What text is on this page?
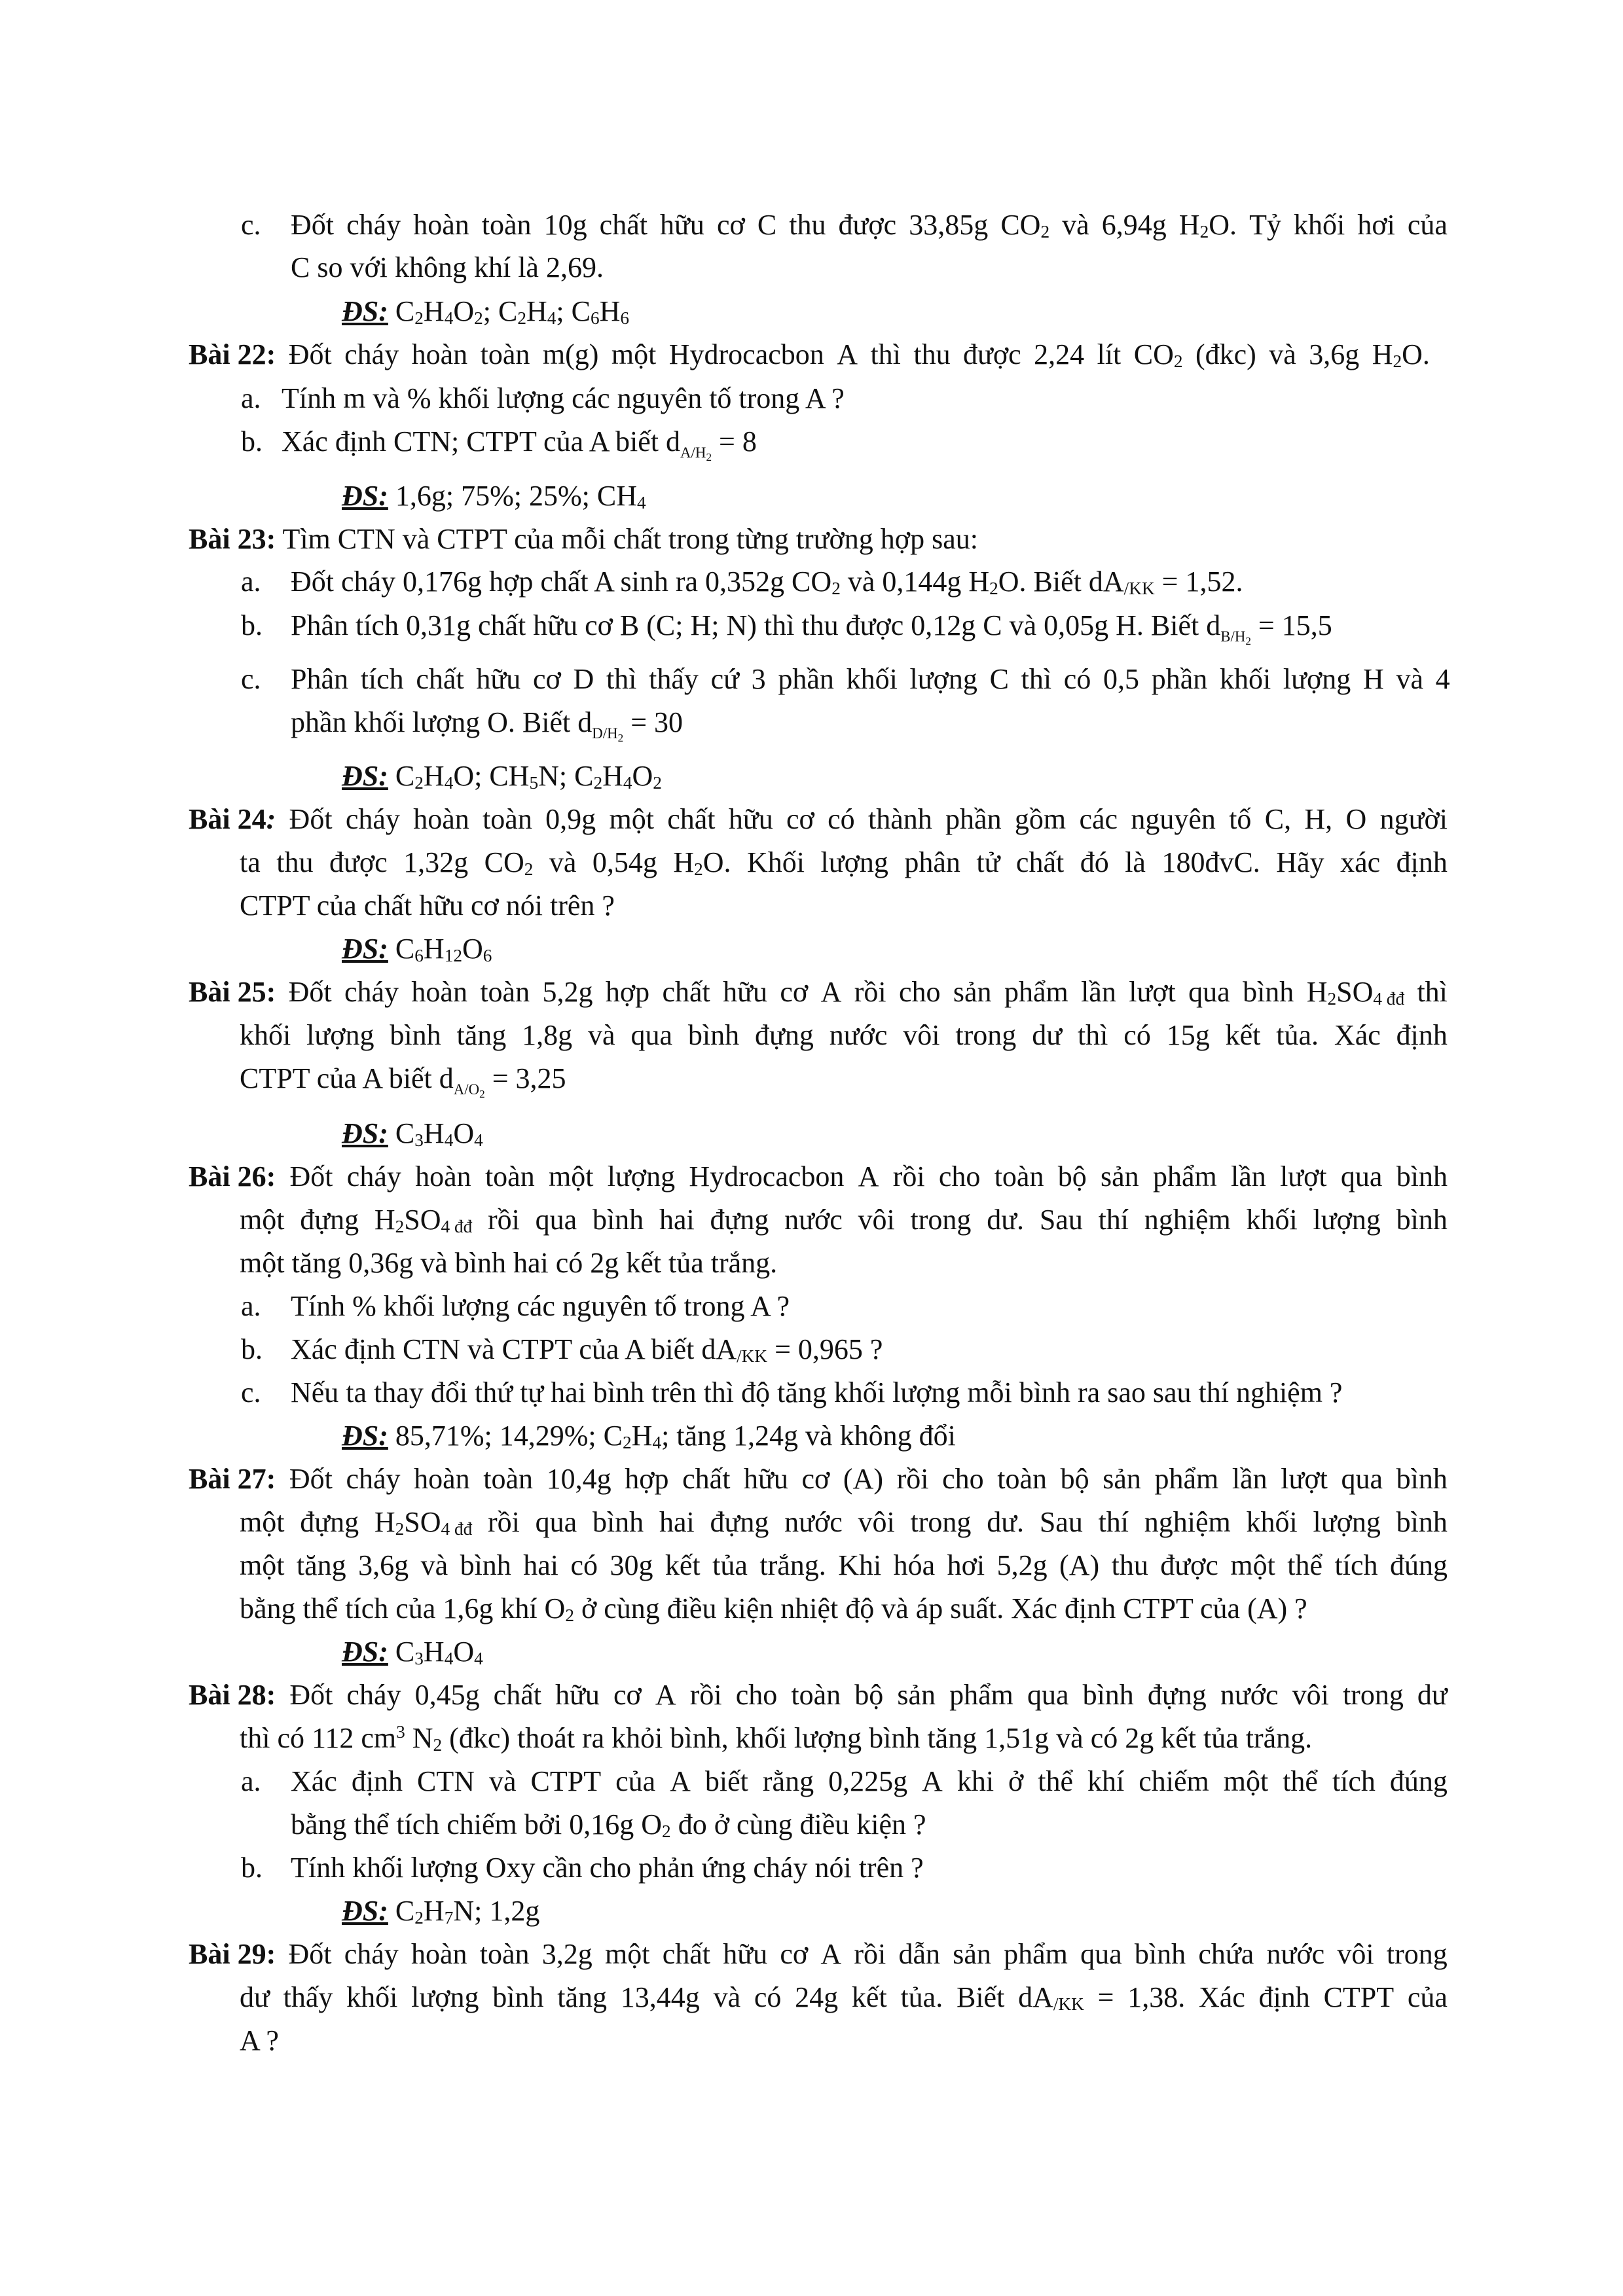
c. Đốt cháy hoàn toàn 10g chất hữu cơ C thu được 33,85g $CO_2$ và 6,94g $H_2O$. Tỷ khối hơi của
C so với không khí là 2,69.
ĐS: $C_2H_4O_2$; $C_2H_4$; $C_6H_6$
Bài 22: Đốt cháy hoàn toàn m(g) một Hydrocacbon A thì thu được 2,24 lít $CO_2$ (đkc) và 3,6g $H_2O$.
a. Tính m và % khối lượng các nguyên tố trong A ?
b. Xác định CTN; CTPT của A biết $d_{A/H_2} = 8$
ĐS: 1,6g; 75%; 25%; $CH_4$
Bài 23: Tìm CTN và CTPT của mỗi chất trong từng trường hợp sau:
a. Đốt cháy 0,176g hợp chất A sinh ra 0,352g $CO_2$ và 0,144g $H_2O$. Biết $dA_{/KK} = 1,52$.
b. Phân tích 0,31g chất hữu cơ B (C; H; N) thì thu được 0,12g C và 0,05g H. Biết $d_{B/H_2} = 15,5$
c. Phân tích chất hữu cơ D thì thấy cứ 3 phần khối lượng C thì có 0,5 phần khối lượng H và 4
phần khối lượng O. Biết $d_{D/H_2} = 30$
ĐS: $C_2H_4O$; $CH_5N$; $C_2H_4O_2$
Bài 24: Đốt cháy hoàn toàn 0,9g một chất hữu cơ có thành phần gồm các nguyên tố C, H, O người
ta thu được 1,32g $CO_2$ và 0,54g $H_2O$. Khối lượng phân tử chất đó là 180đvC. Hãy xác định
CTPT của chất hữu cơ nói trên ?
ĐS: $C_6H_{12}O_6$
Bài 25: Đốt cháy hoàn toàn 5,2g hợp chất hữu cơ A rồi cho sản phẩm lần lượt qua bình $H_2SO_{4 đđ}$ thì
khối lượng bình tăng 1,8g và qua bình đựng nước vôi trong dư thì có 15g kết tủa. Xác định
CTPT của A biết $d_{A/O_2} = 3,25$
ĐS: $C_3H_4O_4$
Bài 26: Đốt cháy hoàn toàn một lượng Hydrocacbon A rồi cho toàn bộ sản phẩm lần lượt qua bình
một đựng $H_2SO_{4 đđ}$ rồi qua bình hai đựng nước vôi trong dư. Sau thí nghiệm khối lượng bình
một tăng 0,36g và bình hai có 2g kết tủa trắng.
a. Tính % khối lượng các nguyên tố trong A ?
b. Xác định CTN và CTPT của A biết $dA_{/KK} = 0,965$ ?
c. Nếu ta thay đổi thứ tự hai bình trên thì độ tăng khối lượng mỗi bình ra sao sau thí nghiệm ?
ĐS: 85,71%; 14,29%; $C_2H_4$; tăng 1,24g và không đổi
Bài 27: Đốt cháy hoàn toàn 10,4g hợp chất hữu cơ (A) rồi cho toàn bộ sản phẩm lần lượt qua bình
một đựng $H_2SO_{4 đđ}$ rồi qua bình hai đựng nước vôi trong dư. Sau thí nghiệm khối lượng bình
một tăng 3,6g và bình hai có 30g kết tủa trắng. Khi hóa hơi 5,2g (A) thu được một thể tích đúng
bằng thể tích của 1,6g khí $O_2$ ở cùng điều kiện nhiệt độ và áp suất. Xác định CTPT của (A) ?
ĐS: $C_3H_4O_4$
Bài 28: Đốt cháy 0,45g chất hữu cơ A rồi cho toàn bộ sản phẩm qua bình đựng nước vôi trong dư
thì có 112 $cm^3$ $N_2$ (đkc) thoát ra khỏi bình, khối lượng bình tăng 1,51g và có 2g kết tủa trắng.
a. Xác định CTN và CTPT của A biết rằng 0,225g A khi ở thể khí chiếm một thể tích đúng
bằng thể tích chiếm bởi 0,16g $O_2$ đo ở cùng điều kiện ?
b. Tính khối lượng Oxy cần cho phản ứng cháy nói trên ?
ĐS: $C_2H_7N$; 1,2g
Bài 29: Đốt cháy hoàn toàn 3,2g một chất hữu cơ A rồi dẫn sản phẩm qua bình chứa nước vôi trong
dư thấy khối lượng bình tăng 13,44g và có 24g kết tủa. Biết $dA_{/KK} = 1,38$. Xác định CTPT của
A ?
